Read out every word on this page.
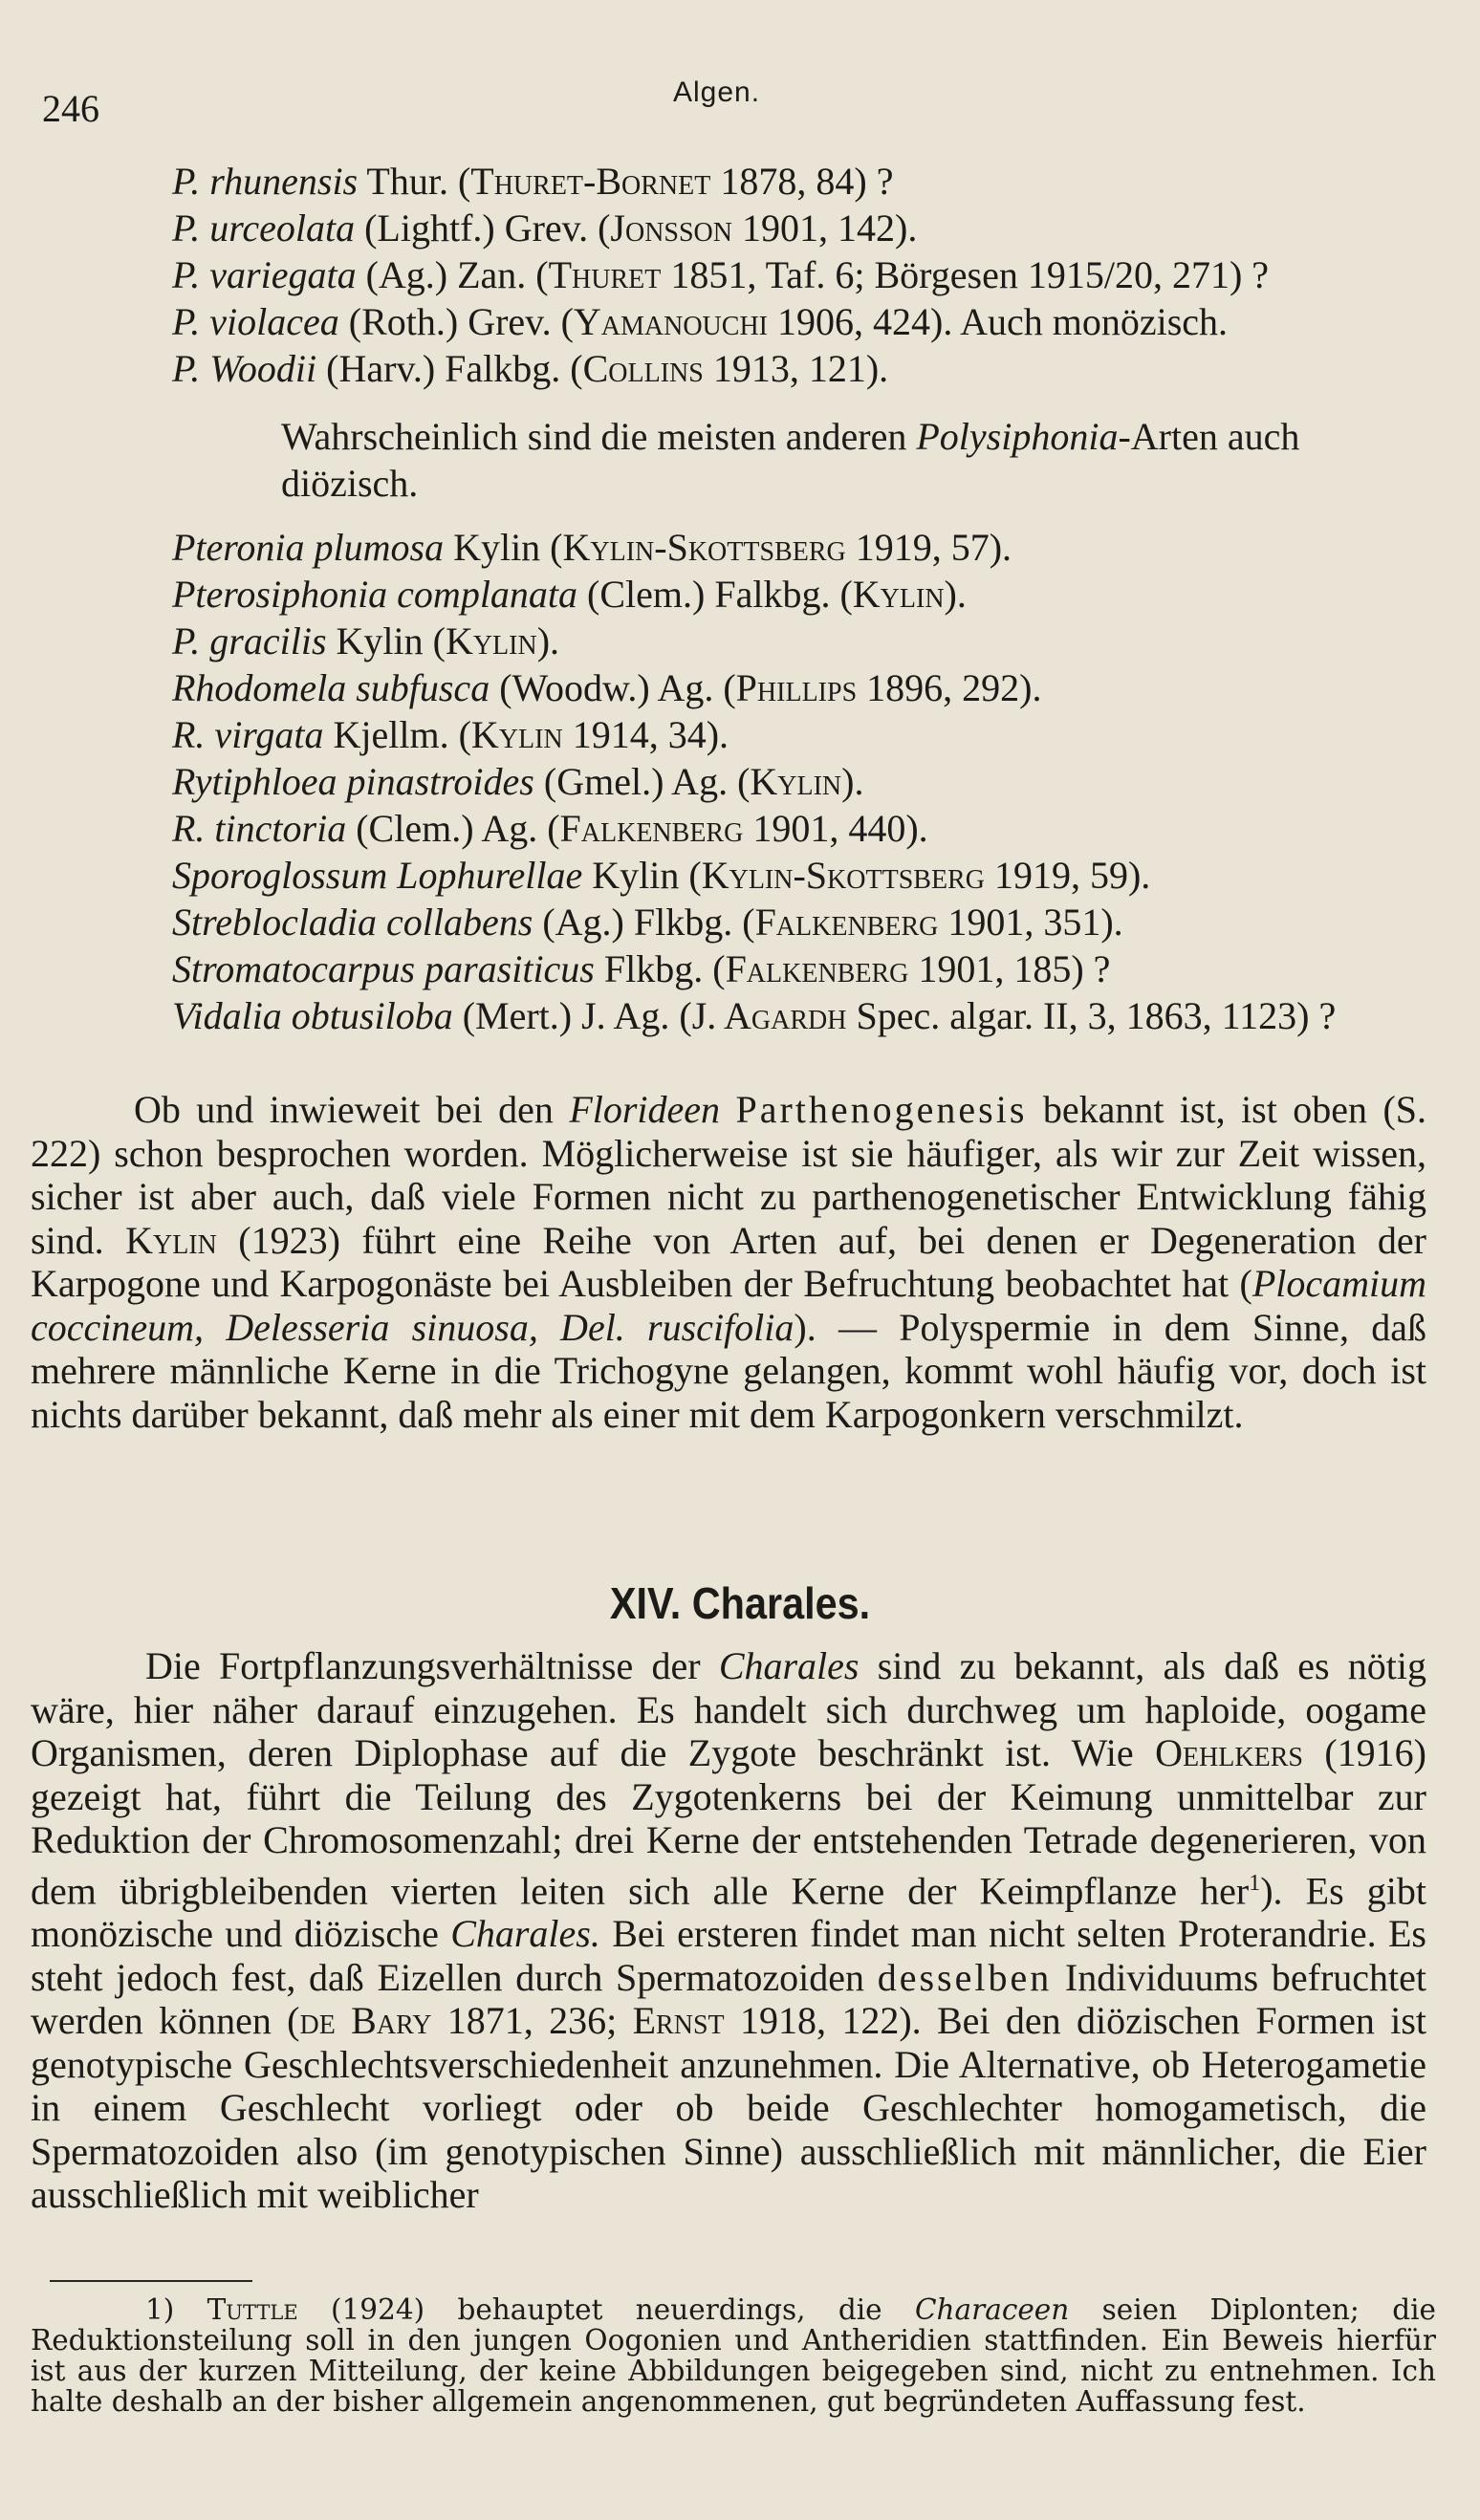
246	Algen.
P. rhunensis Thur. (Thuret-Bornet 1878, 84) ?
P. urceolata (Lightf.) Grev. (Jonsson 1901, 142).
P. variegata (Ag.) Zan. (Thuret 1851, Taf. 6; Börgesen 1915/20, 271) ?
P. violacea (Roth.) Grev. (Yamanouchi 1906, 424). Auch monözisch.
P. Woodii (Harv.) Falkbg. (Collins 1913, 121).
Wahrscheinlich sind die meisten anderen Polysiphonia-Arten auch diözisch.
Pteronia plumosa Kylin (Kylin-Skottsberg 1919, 57).
Pterosiphonia complanata (Clem.) Falkbg. (Kylin).
P. gracilis Kylin (Kylin).
Rhodomela subfusca (Woodw.) Ag. (Phillips 1896, 292).
R. virgata Kjellm. (Kylin 1914, 34).
Rytiphloea pinastroides (Gmel.) Ag. (Kylin).
R. tinctoria (Clem.) Ag. (Falkenberg 1901, 440).
Sporoglossum Lophurellae Kylin (Kylin-Skottsberg 1919, 59).
Streblocladia collabens (Ag.) Flkbg. (Falkenberg 1901, 351).
Stromatocarpus parasiticus Flkbg. (Falkenberg 1901, 185) ?
Vidalia obtusiloba (Mert.) J. Ag. (J. Agardh Spec. algar. II, 3, 1863, 1123) ?
Ob und inwieweit bei den Florideen Parthenogenesis bekannt ist, ist oben (S. 222) schon besprochen worden. Möglicherweise ist sie häufiger, als wir zur Zeit wissen, sicher ist aber auch, daß viele Formen nicht zu parthenogenetischer Entwicklung fähig sind. Kylin (1923) führt eine Reihe von Arten auf, bei denen er Degeneration der Karpogone und Karpogonäste bei Ausbleiben der Befruchtung beobachtet hat (Plocamium coccineum, Delesseria sinuosa, Del. ruscifolia). — Polyspermie in dem Sinne, daß mehrere männliche Kerne in die Trichogyne gelangen, kommt wohl häufig vor, doch ist nichts darüber bekannt, daß mehr als einer mit dem Karpogonkern verschmilzt.
XIV. Charales.
Die Fortpflanzungsverhältnisse der Charales sind zu bekannt, als daß es nötig wäre, hier näher darauf einzugehen. Es handelt sich durchweg um haploide, oogame Organismen, deren Diplophase auf die Zygote beschränkt ist. Wie Oehlkers (1916) gezeigt hat, führt die Teilung des Zygotenkerns bei der Keimung unmittelbar zur Reduktion der Chromosomenzahl; drei Kerne der entstehenden Tetrade degenerieren, von dem übrigbleibenden vierten leiten sich alle Kerne der Keimpflanze her$^1$). Es gibt monözische und diözische Charales. Bei ersteren findet man nicht selten Proterandrie. Es steht jedoch fest, daß Eizellen durch Spermatozoiden desselben Individuums befruchtet werden können (de Bary 1871, 236; Ernst 1918, 122). Bei den diözischen Formen ist genotypische Geschlechtsverschiedenheit anzunehmen. Die Alternative, ob Heterogametie in einem Geschlecht vorliegt oder ob beide Geschlechter homogametisch, die Spermatozoiden also (im genotypischen Sinne) ausschließlich mit männlicher, die Eier ausschließlich mit weiblicher
1) Tuttle (1924) behauptet neuerdings, die Characeen seien Diplonten; die Reduktionsteilung soll in den jungen Oogonien und Antheridien stattfinden. Ein Beweis hierfür ist aus der kurzen Mitteilung, der keine Abbildungen beigegeben sind, nicht zu entnehmen. Ich halte deshalb an der bisher allgemein angenommenen, gut begründeten Auffassung fest.
